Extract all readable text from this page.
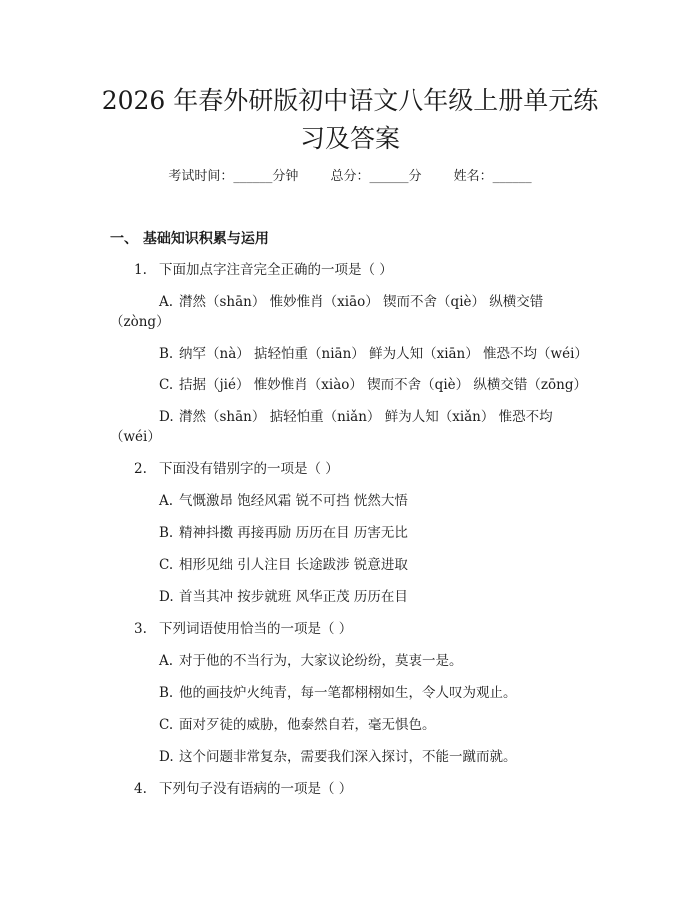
2026 年春外研版初中语文八年级上册单元练
习及答案
考试时间：______分钟 总分：______分 姓名：______
一、 基础知识积累与运用
1. 下面加点字注音完全正确的一项是（ ）
A. 潸然（shān） 惟妙惟肖（xiāo） 锲而不舍（qiè） 纵横交错
（zòng）
B. 纳罕（nà） 掂轻怕重（niān） 鲜为人知（xiān） 惟恐不均（wéi）
C. 拮据（jié） 惟妙惟肖（xiào） 锲而不舍（qiè） 纵横交错（zōng）
D. 潸然（shān） 掂轻怕重（niǎn） 鲜为人知（xiǎn） 惟恐不均
（wéi）
2. 下面没有错别字的一项是（ ）
A. 气慨激昂 饱经风霜 锐不可挡 恍然大悟
B. 精神抖擞 再接再励 历历在目 历害无比
C. 相形见绌 引人注目 长途跋涉 锐意进取
D. 首当其冲 按步就班 风华正茂 历历在目
3. 下列词语使用恰当的一项是（ ）
A. 对于他的不当行为，大家议论纷纷，莫衷一是。
B. 他的画技炉火纯青，每一笔都栩栩如生，令人叹为观止。
C. 面对歹徒的威胁，他泰然自若，毫无惧色。
D. 这个问题非常复杂，需要我们深入探讨，不能一蹴而就。
4. 下列句子没有语病的一项是（ ）
